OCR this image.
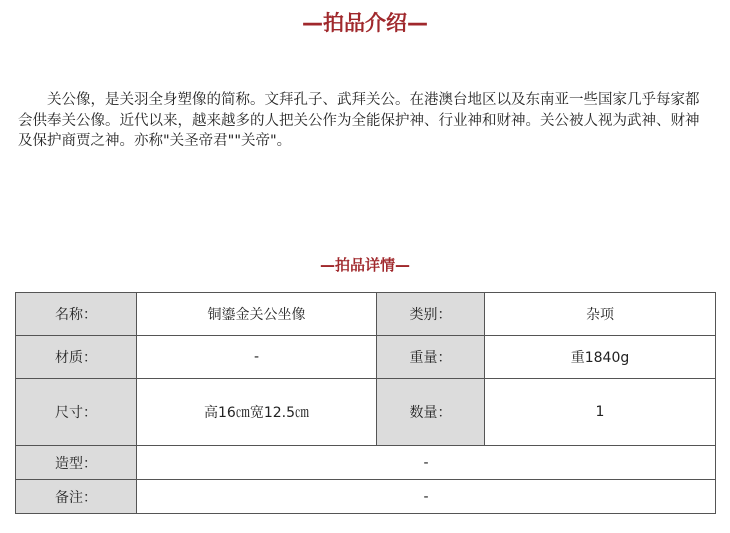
—拍品介绍—

关公像，是关羽全身塑像的简称。文拜孔子、武拜关公。在港澳台地区以及东南亚一些国家几乎每家都会供奉关公像。近代以来，越来越多的人把关公作为全能保护神、行业神和财神。关公被人视为武神、财神及保护商贾之神。亦称"关圣帝君""关帝"。

—拍品详情—
名称：	铜鎏金关公坐像	类别：	杂项
材质：	-	重量：	重1840g
尺寸：	高16㎝宽12.5㎝	数量：	1
造型：	-		
备注：	-		
